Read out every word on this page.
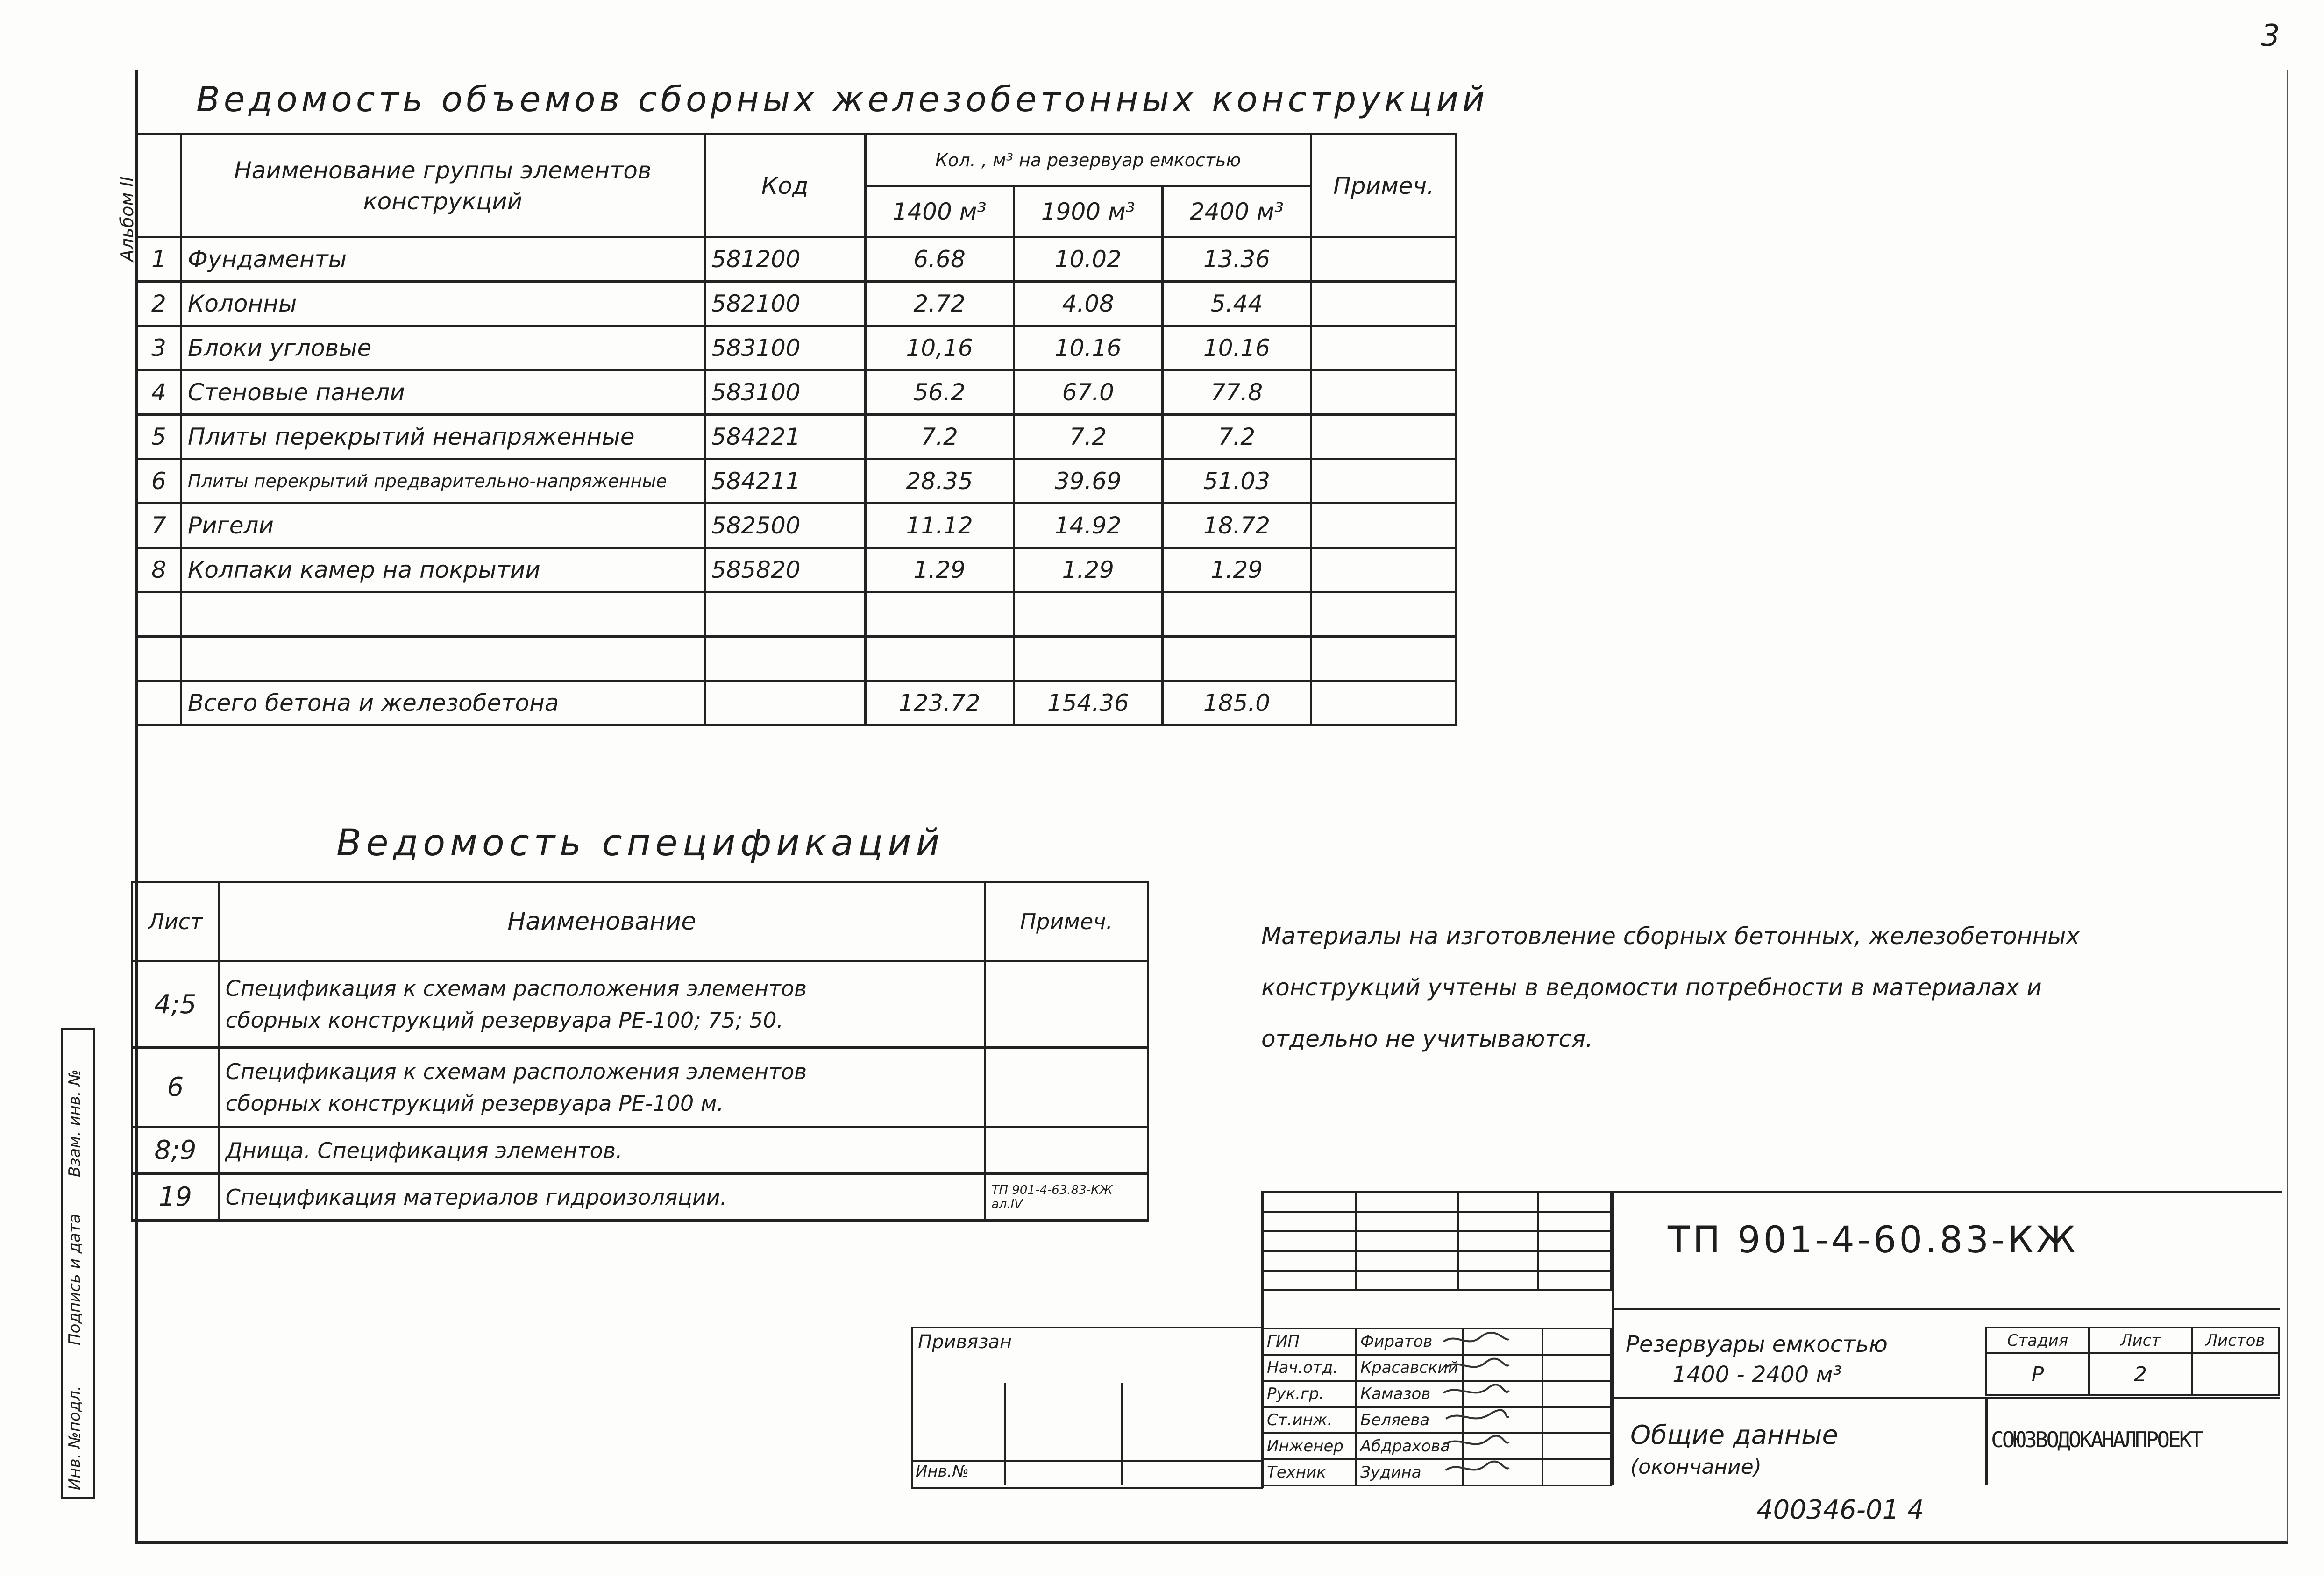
3
Альбом II
Инв. №подл.
Подпись и дата
Взам. инв. №
Ведомость объемов сборных железобетонных конструкций
	Наименование группы элементов конструкций	Код	Кол. , м³ на резервуар емкостью			Примеч.
			1400 м³	1900 м³	2400 м³	
1	Фундаменты	581200	6.68	10.02	13.36	
2	Колонны	582100	2.72	4.08	5.44	
3	Блоки угловые	583100	10,16	10.16	10.16	
4	Стеновые панели	583100	56.2	67.0	77.8	
5	Плиты перекрытий ненапряженные	584221	7.2	7.2	7.2	
6	Плиты перекрытий предварительно-напряженные	584211	28.35	39.69	51.03	
7	Ригели	582500	11.12	14.92	18.72	
8	Колпаки камер на покрытии	585820	1.29	1.29	1.29	

	Всего бетона и железобетона		123.72	154.36	185.0	
Ведомость спецификаций
Лист	Наименование	Примеч.
4;5	Спецификация к схемам расположения элементов
сборных конструкций резервуара РЕ-100; 75; 50.	

6	Спецификация к схемам расположения элементов
сборных конструкций резервуара РЕ-100 м.	

8;9	Днища. Спецификация элементов.	
19	Спецификация материалов гидроизоляции.	ТП 901-4-63.83-КЖ ал.IV
Материалы на изготовление сборных бетонных, железобетонных
конструкций учтены в ведомости потребности в материалах и
отдельно не учитываются.
ТП 901-4-60.83-КЖ

Привязан
Инв.№
ГИП	Фиратов		
Нач.отд.	Красавский		
Рук.гр.	Камазов		
Ст.инж.	Беляева		
Инженер	Абдрахова		
Техник	Зудина		
Резервуары емкостью
1400 - 2400 м³
Общие данные
(окончание)
Стадия	Лист	Листов
Р	2	
СОЮЗВОДОКАНАЛПРОЕКТ
400346-01 4
